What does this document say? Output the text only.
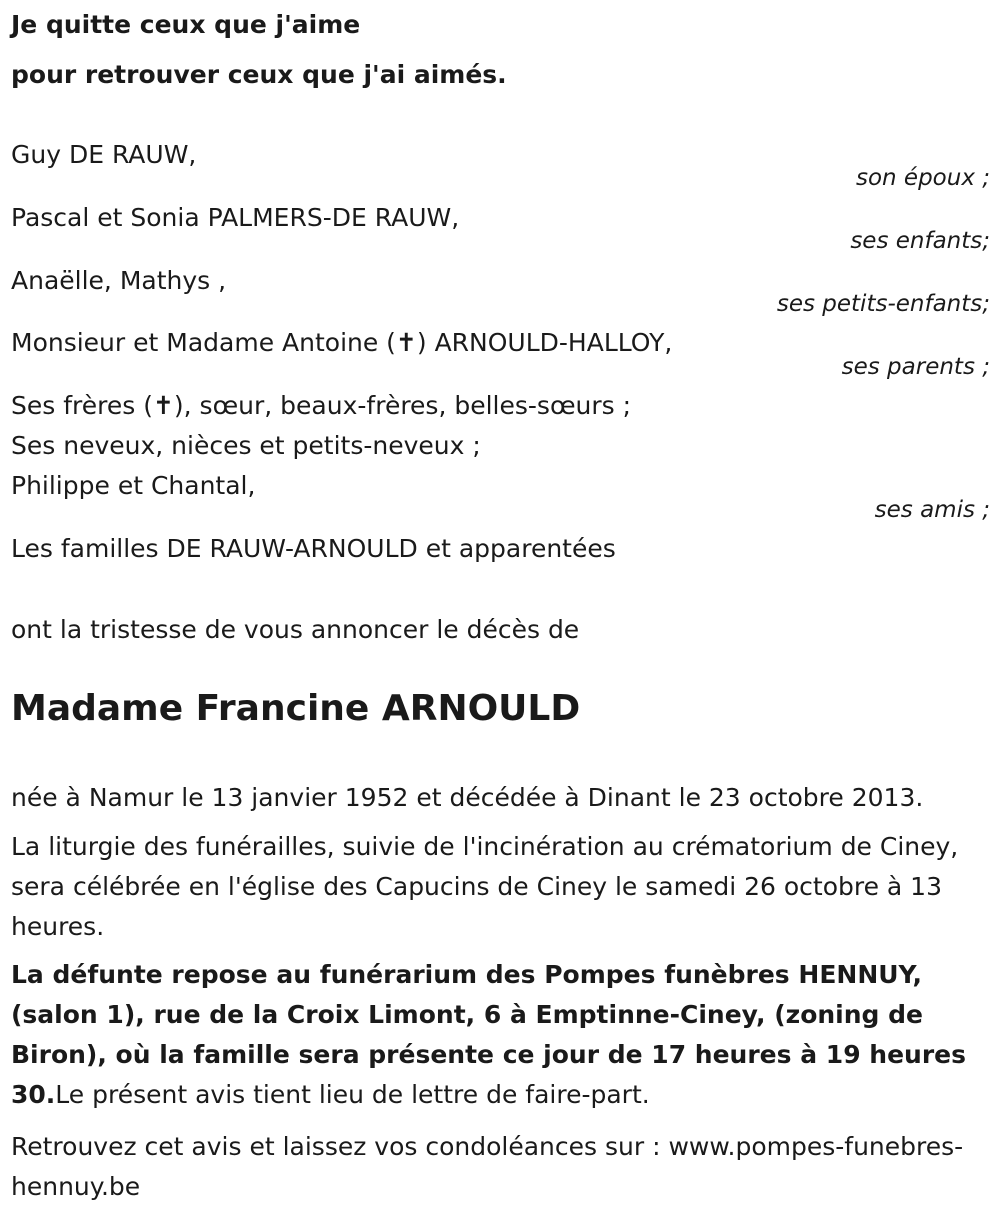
Je quitte ceux que j'aime
pour retrouver ceux que j'ai aimés.
Guy DE RAUW,
son époux ;
Pascal et Sonia PALMERS-DE RAUW,
ses enfants;
Anaëlle, Mathys ,
ses petits-enfants;
Monsieur et Madame Antoine (✝) ARNOULD-HALLOY,
ses parents ;
Ses frères (✝), sœur, beaux-frères, belles-sœurs ;
Ses neveux, nièces et petits-neveux ;
Philippe et Chantal,
ses amis ;
Les familles DE RAUW-ARNOULD et apparentées
ont la tristesse de vous annoncer le décès de
Madame Francine ARNOULD
née à Namur le 13 janvier 1952 et décédée à Dinant le 23 octobre 2013.
La liturgie des funérailles, suivie de l'incinération au crématorium de Ciney, sera célébrée en l'église des Capucins de Ciney le samedi 26 octobre à 13 heures.
La défunte repose au funérarium des Pompes funèbres HENNUY, (salon 1), rue de la Croix Limont, 6 à Emptinne-Ciney, (zoning de Biron), où la famille sera présente ce jour de 17 heures à 19 heures 30.Le présent avis tient lieu de lettre de faire-part.
Retrouvez cet avis et laissez vos condoléances sur : www.pompes-funebres-hennuy.be
